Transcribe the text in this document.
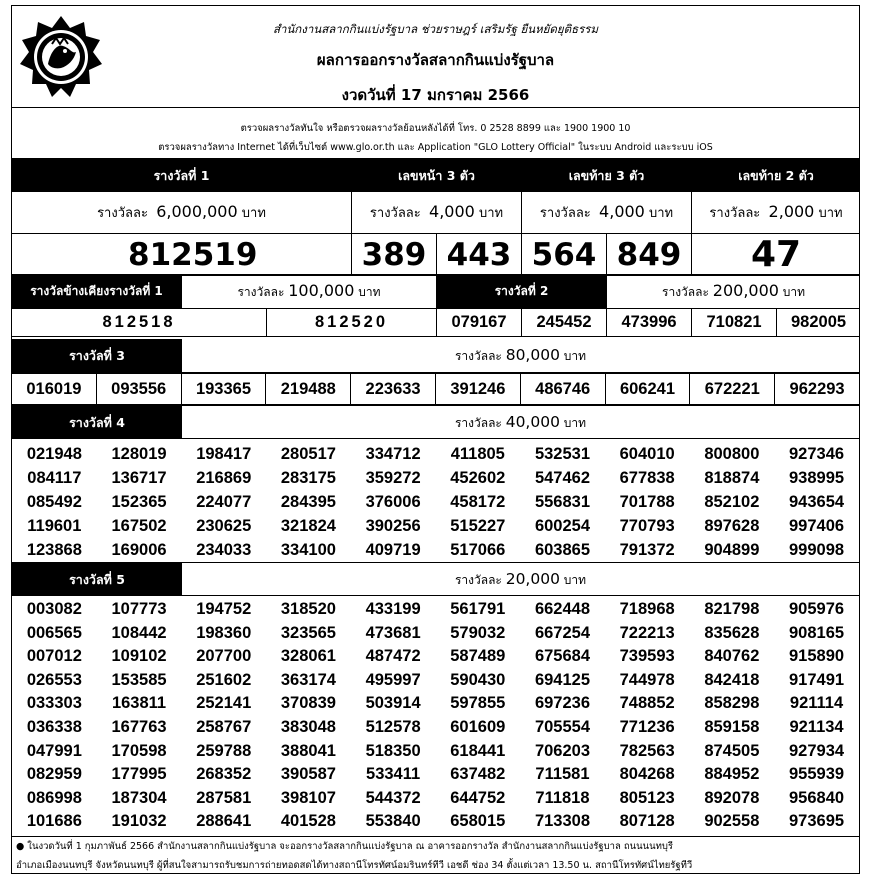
สำนักงานสลากกินแบ่งรัฐบาล ช่วยราษฎร์ เสริมรัฐ ยืนหยัดยุติธรรม
ผลการออกรางวัลสลากกินแบ่งรัฐบาล
งวดวันที่ 17 มกราคม 2566
ตรวจผลรางวัลทันใจ หรือตรวจผลรางวัลย้อนหลังได้ที่ โทร. 0 2528 8899 และ 1900 1900 10
ตรวจผลรางวัลทาง Internet ได้ที่เว็บไซต์ www.glo.or.th และ Application "GLO Lottery Official" ในระบบ Android และระบบ iOS
รางวัลที่ 1	เลขหน้า 3 ตัว		เลขท้าย 3 ตัว		เลขท้าย 2 ตัว
รางวัลละ 6,000,000 บาท	รางวัลละ 4,000 บาท		รางวัลละ 4,000 บาท		รางวัลละ 2,000 บาท
812519	389	443	564	849	47
รางวัลข้างเคียงรางวัลที่ 1	รางวัลละ 100,000 บาท		รางวัลที่ 2		รางวัลละ 200,000 บาท		
812518		812520	079167	245452	473996	710821	982005
รางวัลที่ 3	รางวัลละ 80,000 บาท
016019	093556	193365	219488	223633	391246	486746	606241	672221	962293
รางวัลที่ 4	รางวัลละ 40,000 บาท
021948	128019	198417	280517	334712	411805	532531	604010	800800	927346
084117	136717	216869	283175	359272	452602	547462	677838	818874	938995
085492	152365	224077	284395	376006	458172	556831	701788	852102	943654
119601	167502	230625	321824	390256	515227	600254	770793	897628	997406
123868	169006	234033	334100	409719	517066	603865	791372	904899	999098
รางวัลที่ 5	รางวัลละ 20,000 บาท
003082	107773	194752	318520	433199	561791	662448	718968	821798	905976
006565	108442	198360	323565	473681	579032	667254	722213	835628	908165
007012	109102	207700	328061	487472	587489	675684	739593	840762	915890
026553	153585	251602	363174	495997	590430	694125	744978	842418	917491
033303	163811	252141	370839	503914	597855	697236	748852	858298	921114
036338	167763	258767	383048	512578	601609	705554	771236	859158	921134
047991	170598	259788	388041	518350	618441	706203	782563	874505	927934
082959	177995	268352	390587	533411	637482	711581	804268	884952	955939
086998	187304	287581	398107	544372	644752	711818	805123	892078	956840
101686	191032	288641	401528	553840	658015	713308	807128	902558	973695
● ในงวดวันที่ 1 กุมภาพันธ์ 2566 สำนักงานสลากกินแบ่งรัฐบาล จะออกรางวัลสลากกินแบ่งรัฐบาล ณ อาคารออกรางวัล สำนักงานสลากกินแบ่งรัฐบาล ถนนนนทบุรี
อำเภอเมืองนนทบุรี จังหวัดนนทบุรี ผู้ที่สนใจสามารถรับชมการถ่ายทอดสดได้ทางสถานีโทรทัศน์อมรินทร์ทีวี เอชดี ช่อง 34 ตั้งแต่เวลา 13.50 น. สถานีโทรทัศน์ไทยรัฐทีวี
